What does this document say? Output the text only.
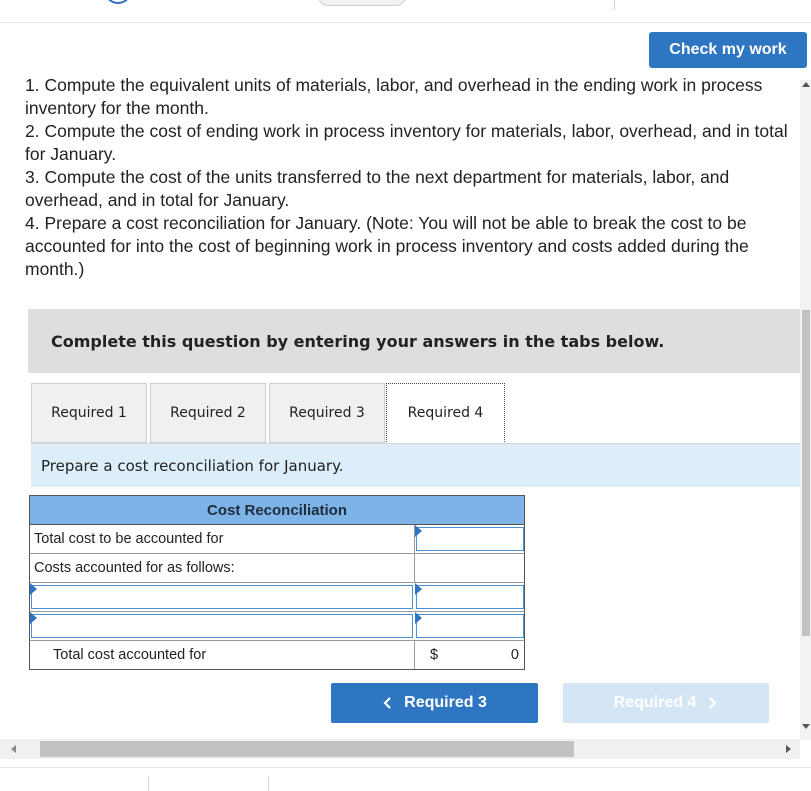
Check my work

1. Compute the equivalent units of materials, labor, and overhead in the ending work in process inventory for the month.

2. Compute the cost of ending work in process inventory for materials, labor, overhead, and in total for January.

3. Compute the cost of the units transferred to the next department for materials, labor, and overhead, and in total for January.

4. Prepare a cost reconciliation for January. (Note: You will not be able to break the cost to be accounted for into the cost of beginning work in process inventory and costs added during the month.)

Complete this question by entering your answers in the tabs below.
Required 1	Required 2	Required 3	Required 4
Prepare a cost reconciliation for January.
Cost Reconciliation
Total cost to be accounted for
Costs accounted for as follows:
Total cost accounted for	$	0
Required 3	Required 4
